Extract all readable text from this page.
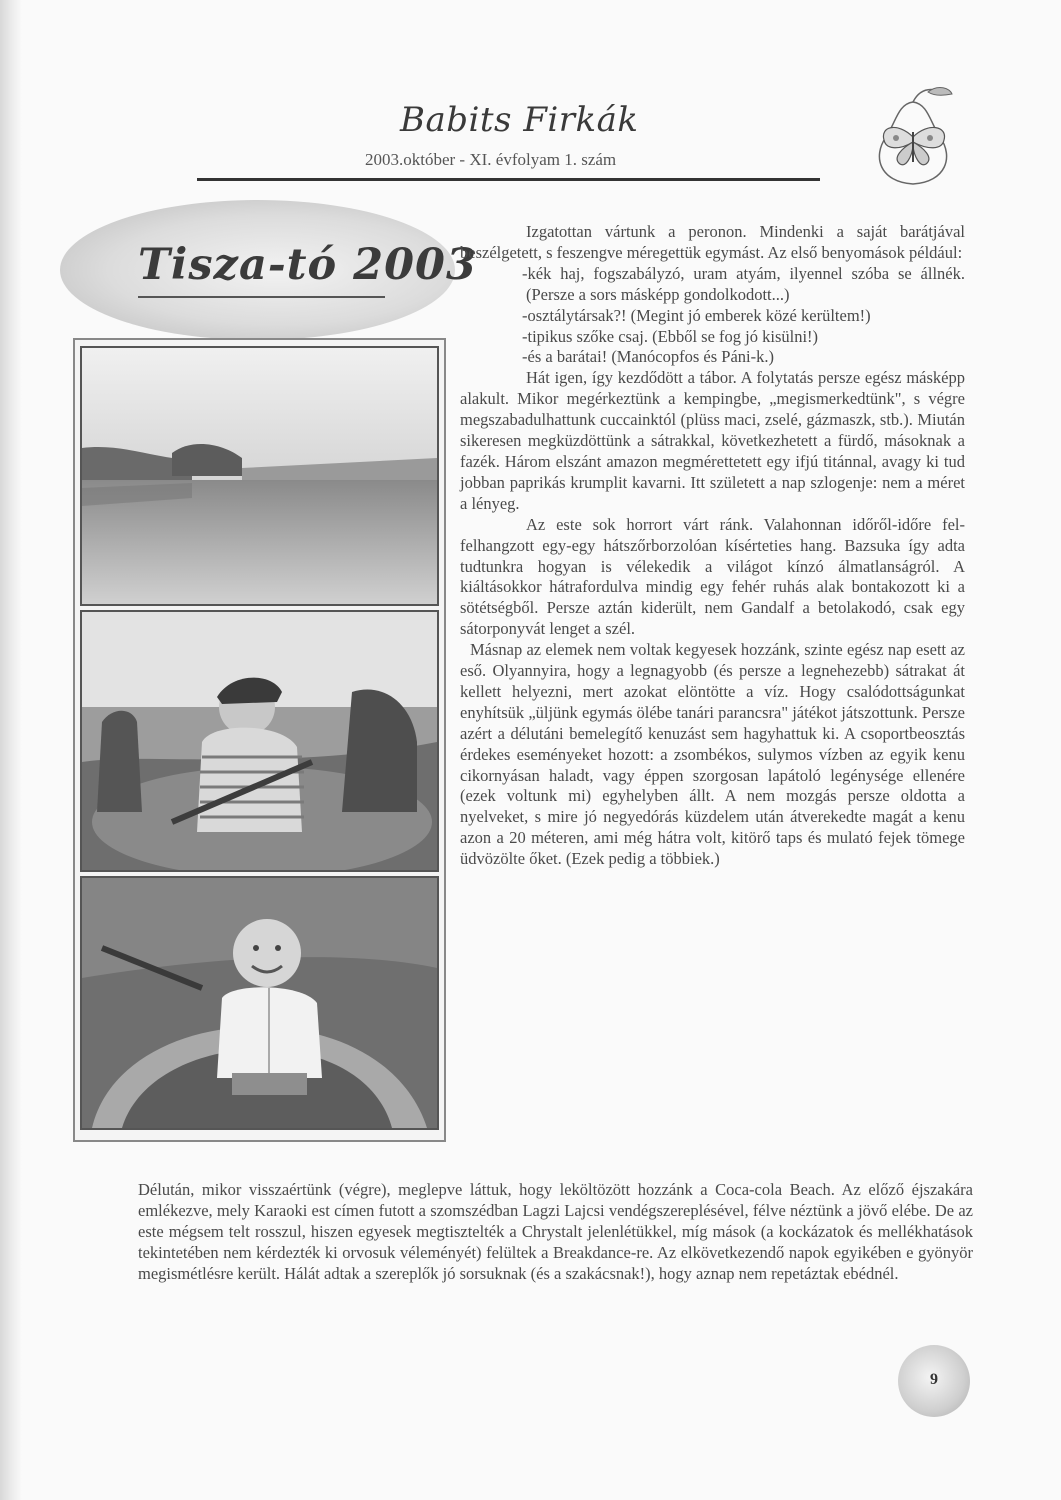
Babits Firkák
2003.október - XI. évfolyam 1. szám
Tisza-tó 2003

Izgatottan vártunk a peronon. Mindenki a saját barátjával beszélgetett, s feszengve méregettük egymást. Az első benyomások például:

-kék haj, fogszabályzó, uram atyám, ilyennel szóba se állnék. (Persze a sors másképp gondolkodott...)

-osztálytársak?! (Megint jó emberek közé kerültem!)

-tipikus szőke csaj. (Ebből se fog jó kisülni!)

-és a barátai! (Manócopfos és Páni-k.)

Hát igen, így kezdődött a tábor. A folytatás persze egész másképp alakult. Mikor megérkeztünk a kempingbe, „megismerkedtünk", s végre megszabadulhattunk cuccainktól (plüss maci, zselé, gázmaszk, stb.). Miután sikeresen megküzdöttünk a sátrakkal, következhetett a fürdő, másoknak a fazék. Három elszánt amazon megmérettetett egy ifjú titánnal, avagy ki tud jobban paprikás krumplit kavarni. Itt született a nap szlogenje: nem a méret a lényeg.

Az este sok horrort várt ránk. Valahonnan időről-időre fel-felhangzott egy-egy hátszőrborzolóan kísérteties hang. Bazsuka így adta tudtunkra hogyan is vélekedik a világot kínzó álmatlanságról. A kiáltásokkor hátrafordulva mindig egy fehér ruhás alak bontakozott ki a sötétségből. Persze aztán kiderült, nem Gandalf a betolakodó, csak egy sátorponyvát lenget a szél.

Másnap az elemek nem voltak kegyesek hozzánk, szinte egész nap esett az eső. Olyannyira, hogy a legnagyobb (és persze a legnehezebb) sátrakat át kellett helyezni, mert azokat elöntötte a víz. Hogy csalódottságunkat enyhítsük „üljünk egymás ölébe tanári parancsra" játékot játszottunk. Persze azért a délutáni bemelegítő kenuzást sem hagyhattuk ki. A csoportbeosztás érdekes eseményeket hozott: a zsombékos, sulymos vízben az egyik kenu cikornyásan haladt, vagy éppen szorgosan lapátoló legénysége ellenére (ezek voltunk mi) egyhelyben állt. A nem mozgás persze oldotta a nyelveket, s mire jó negyedórás küzdelem után átverekedte magát a kenu azon a 20 méteren, ami még hátra volt, kitörő taps és mulató fejek tömege üdvözölte őket. (Ezek pedig a többiek.)

Délután, mikor visszaértünk (végre), meglepve láttuk, hogy leköltözött hozzánk a Coca-cola Beach. Az előző éjszakára emlékezve, mely Karaoki est címen futott a szomszédban Lagzi Lajcsi vendégszereplésével, félve néztünk a jövő elébe. De az este mégsem telt rosszul, hiszen egyesek megtisztelték a Chrystalt jelenlétükkel, míg mások (a kockázatok és mellékhatások tekintetében nem kérdezték ki orvosuk véleményét) felültek a Breakdance-re. Az elkövetkezendő napok egyikében e gyönyör megismétlésre került. Hálát adtak a szereplők jó sorsuknak (és a szakácsnak!), hogy aznap nem repetáztak ebédnél.

9
